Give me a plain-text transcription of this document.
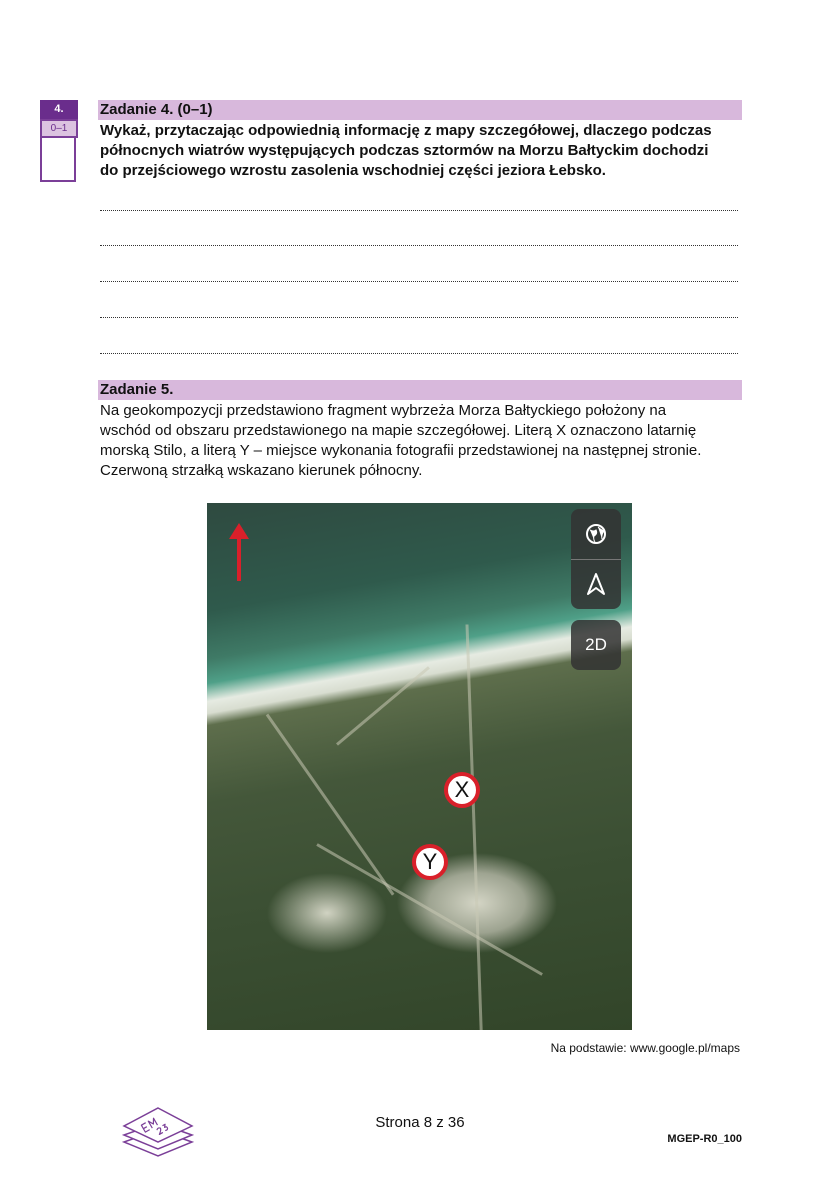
4.
0–1
Zadanie 4. (0–1)
Wykaż, przytaczając odpowiednią informację z mapy szczegółowej, dlaczego podczas
północnych wiatrów występujących podczas sztormów na Morzu Bałtyckim dochodzi
do przejściowego wzrostu zasolenia wschodniej części jeziora Łebsko.
Zadanie 5.
Na geokompozycji przedstawiono fragment wybrzeża Morza Bałtyckiego położony na
wschód od obszaru przedstawionego na mapie szczegółowej. Literą X oznaczono latarnię
morską Stilo, a literą Y – miejsce wykonania fotografii przedstawionej na następnej stronie.
Czerwoną strzałką wskazano kierunek północny.
2D
X
Y
Na podstawie: www.google.pl/maps
Strona 8 z 36
MGEP-R0_100
